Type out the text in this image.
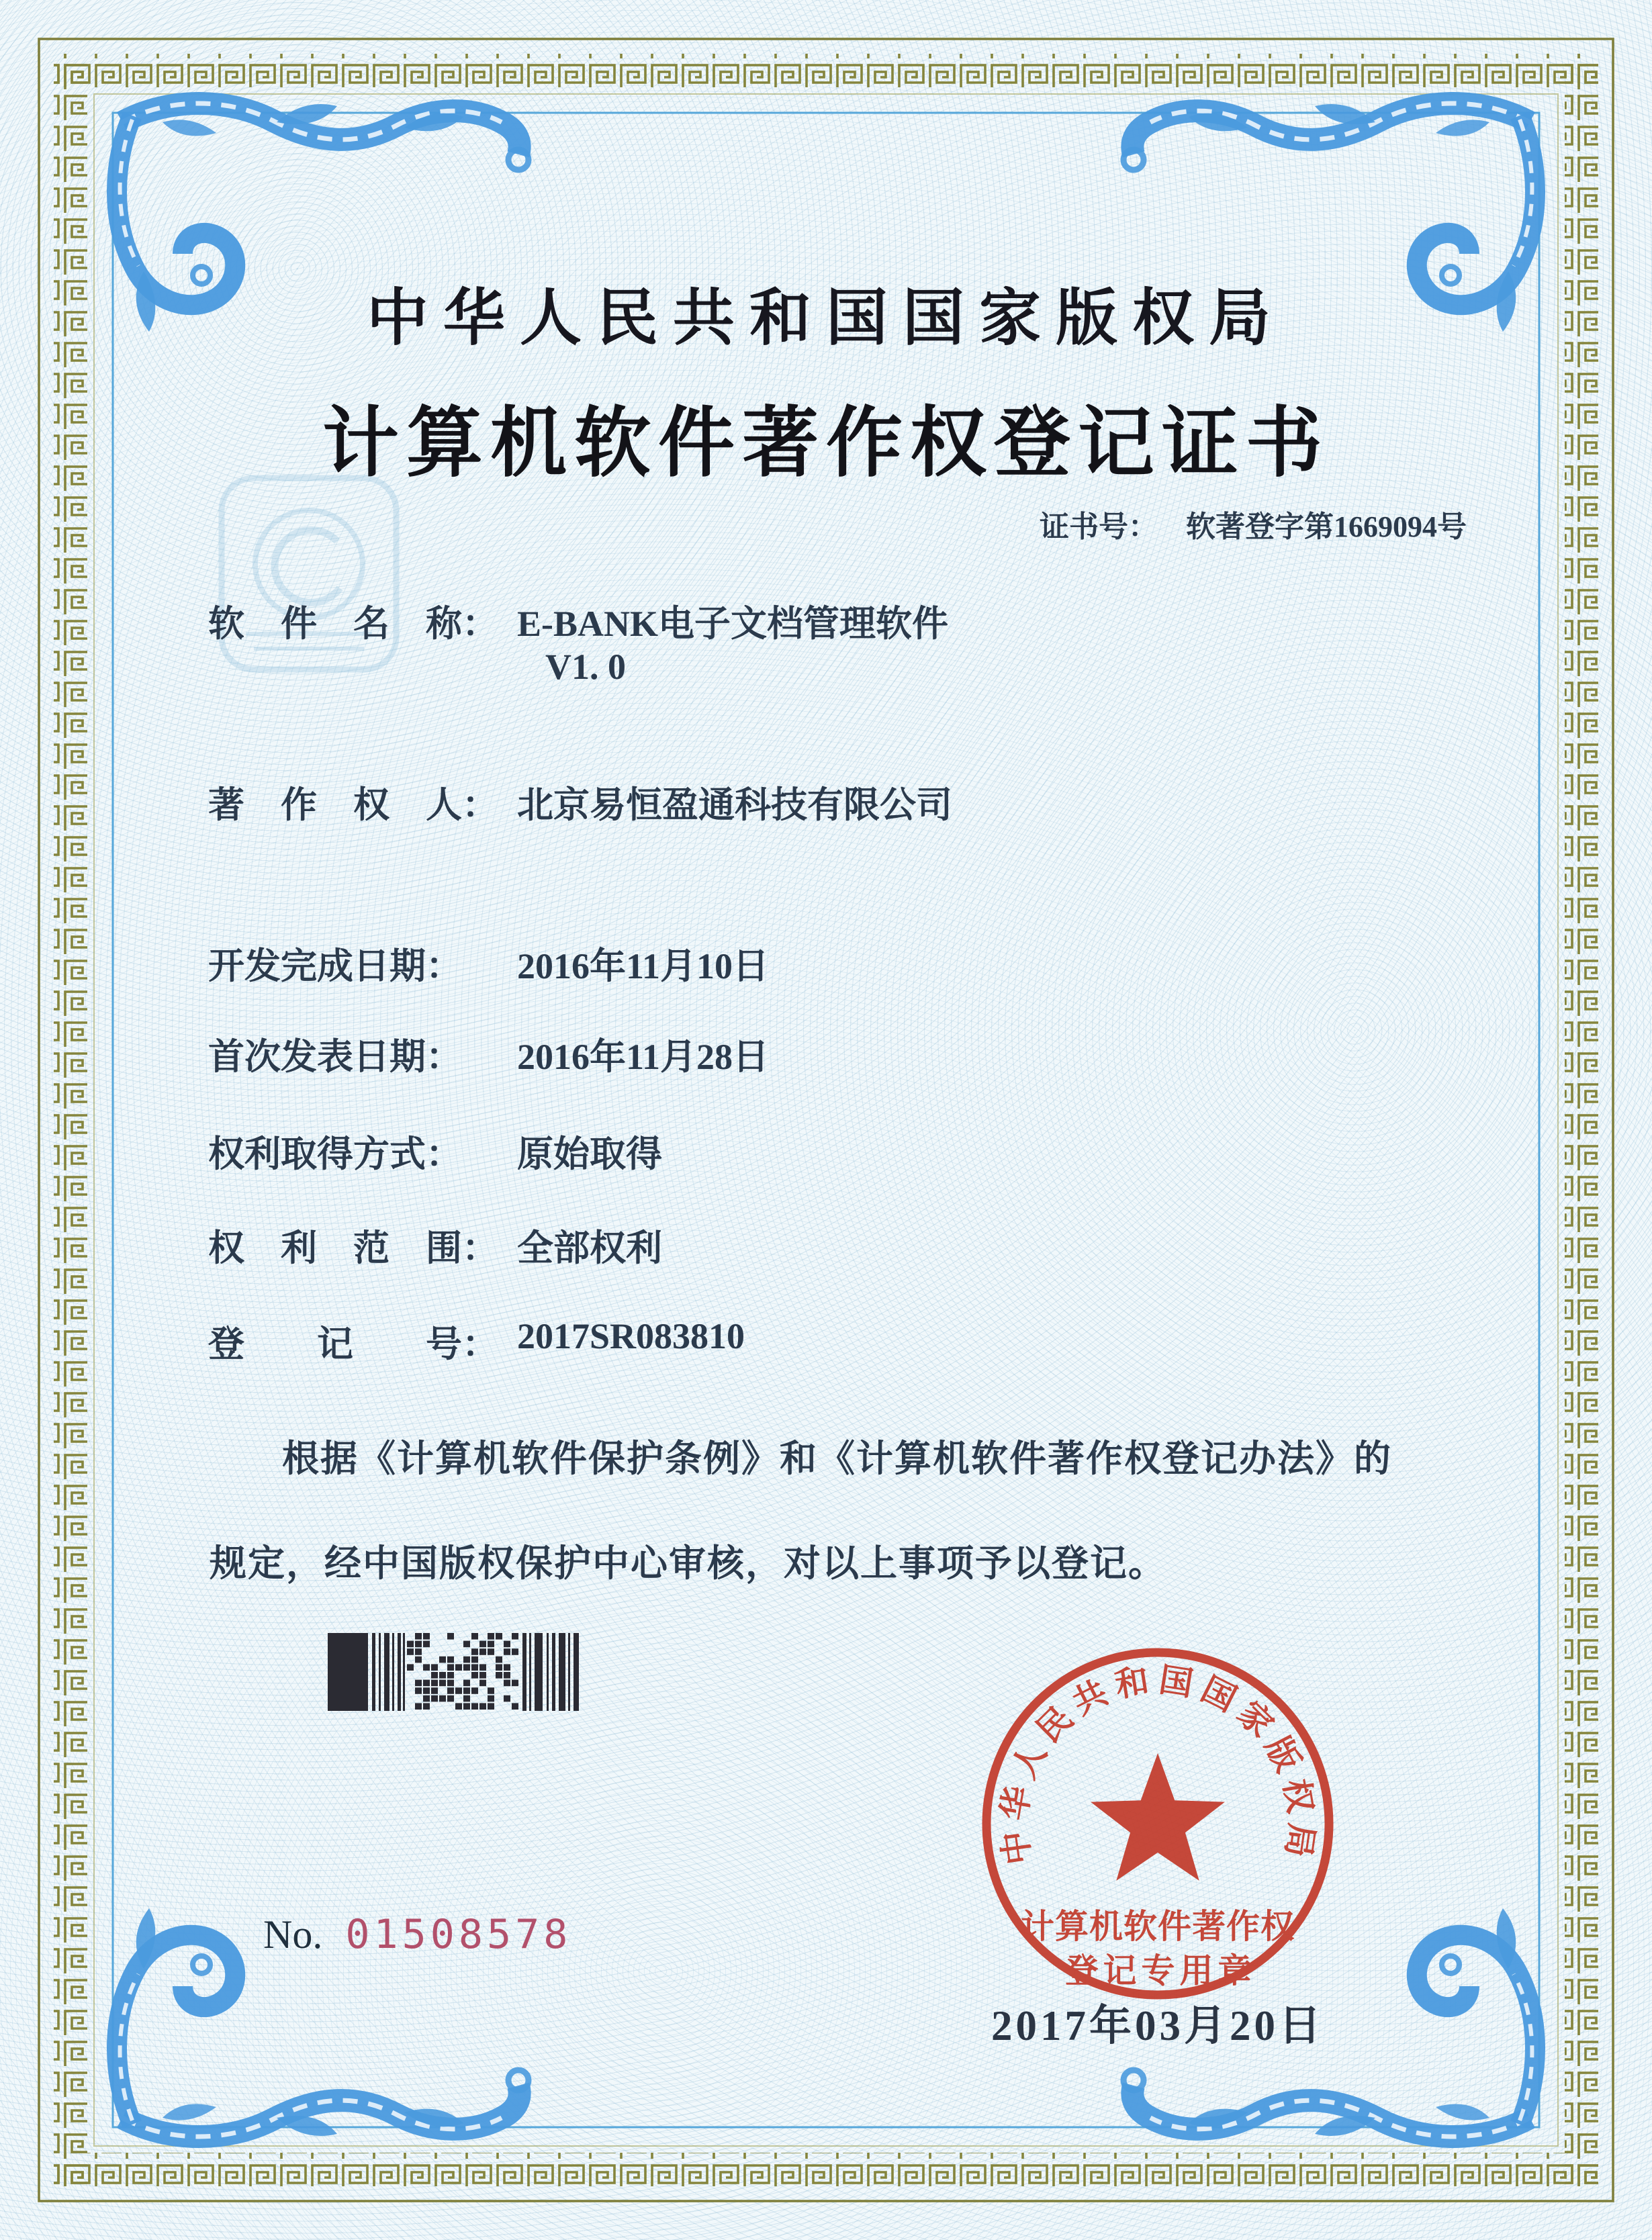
中华人民共和国国家版权局
计算机软件著作权登记证书
证书号： 软著登字第1669094号
软　件　名　称： E-BANK电子文档管理软件
V1. 0
著　作　权　人： 北京易恒盈通科技有限公司
开发完成日期： 2016年11月10日
首次发表日期： 2016年11月28日
权利取得方式： 原始取得
权　利　范　围： 全部权利
登　　记　　号： 2017SR083810
根据《计算机软件保护条例》和《计算机软件著作权登记办法》的
规定，经中国版权保护中心审核，对以上事项予以登记。
No. 01508578
中华人民共和国国家版权局
计算机软件著作权
登记专用章
2017年03月20日
